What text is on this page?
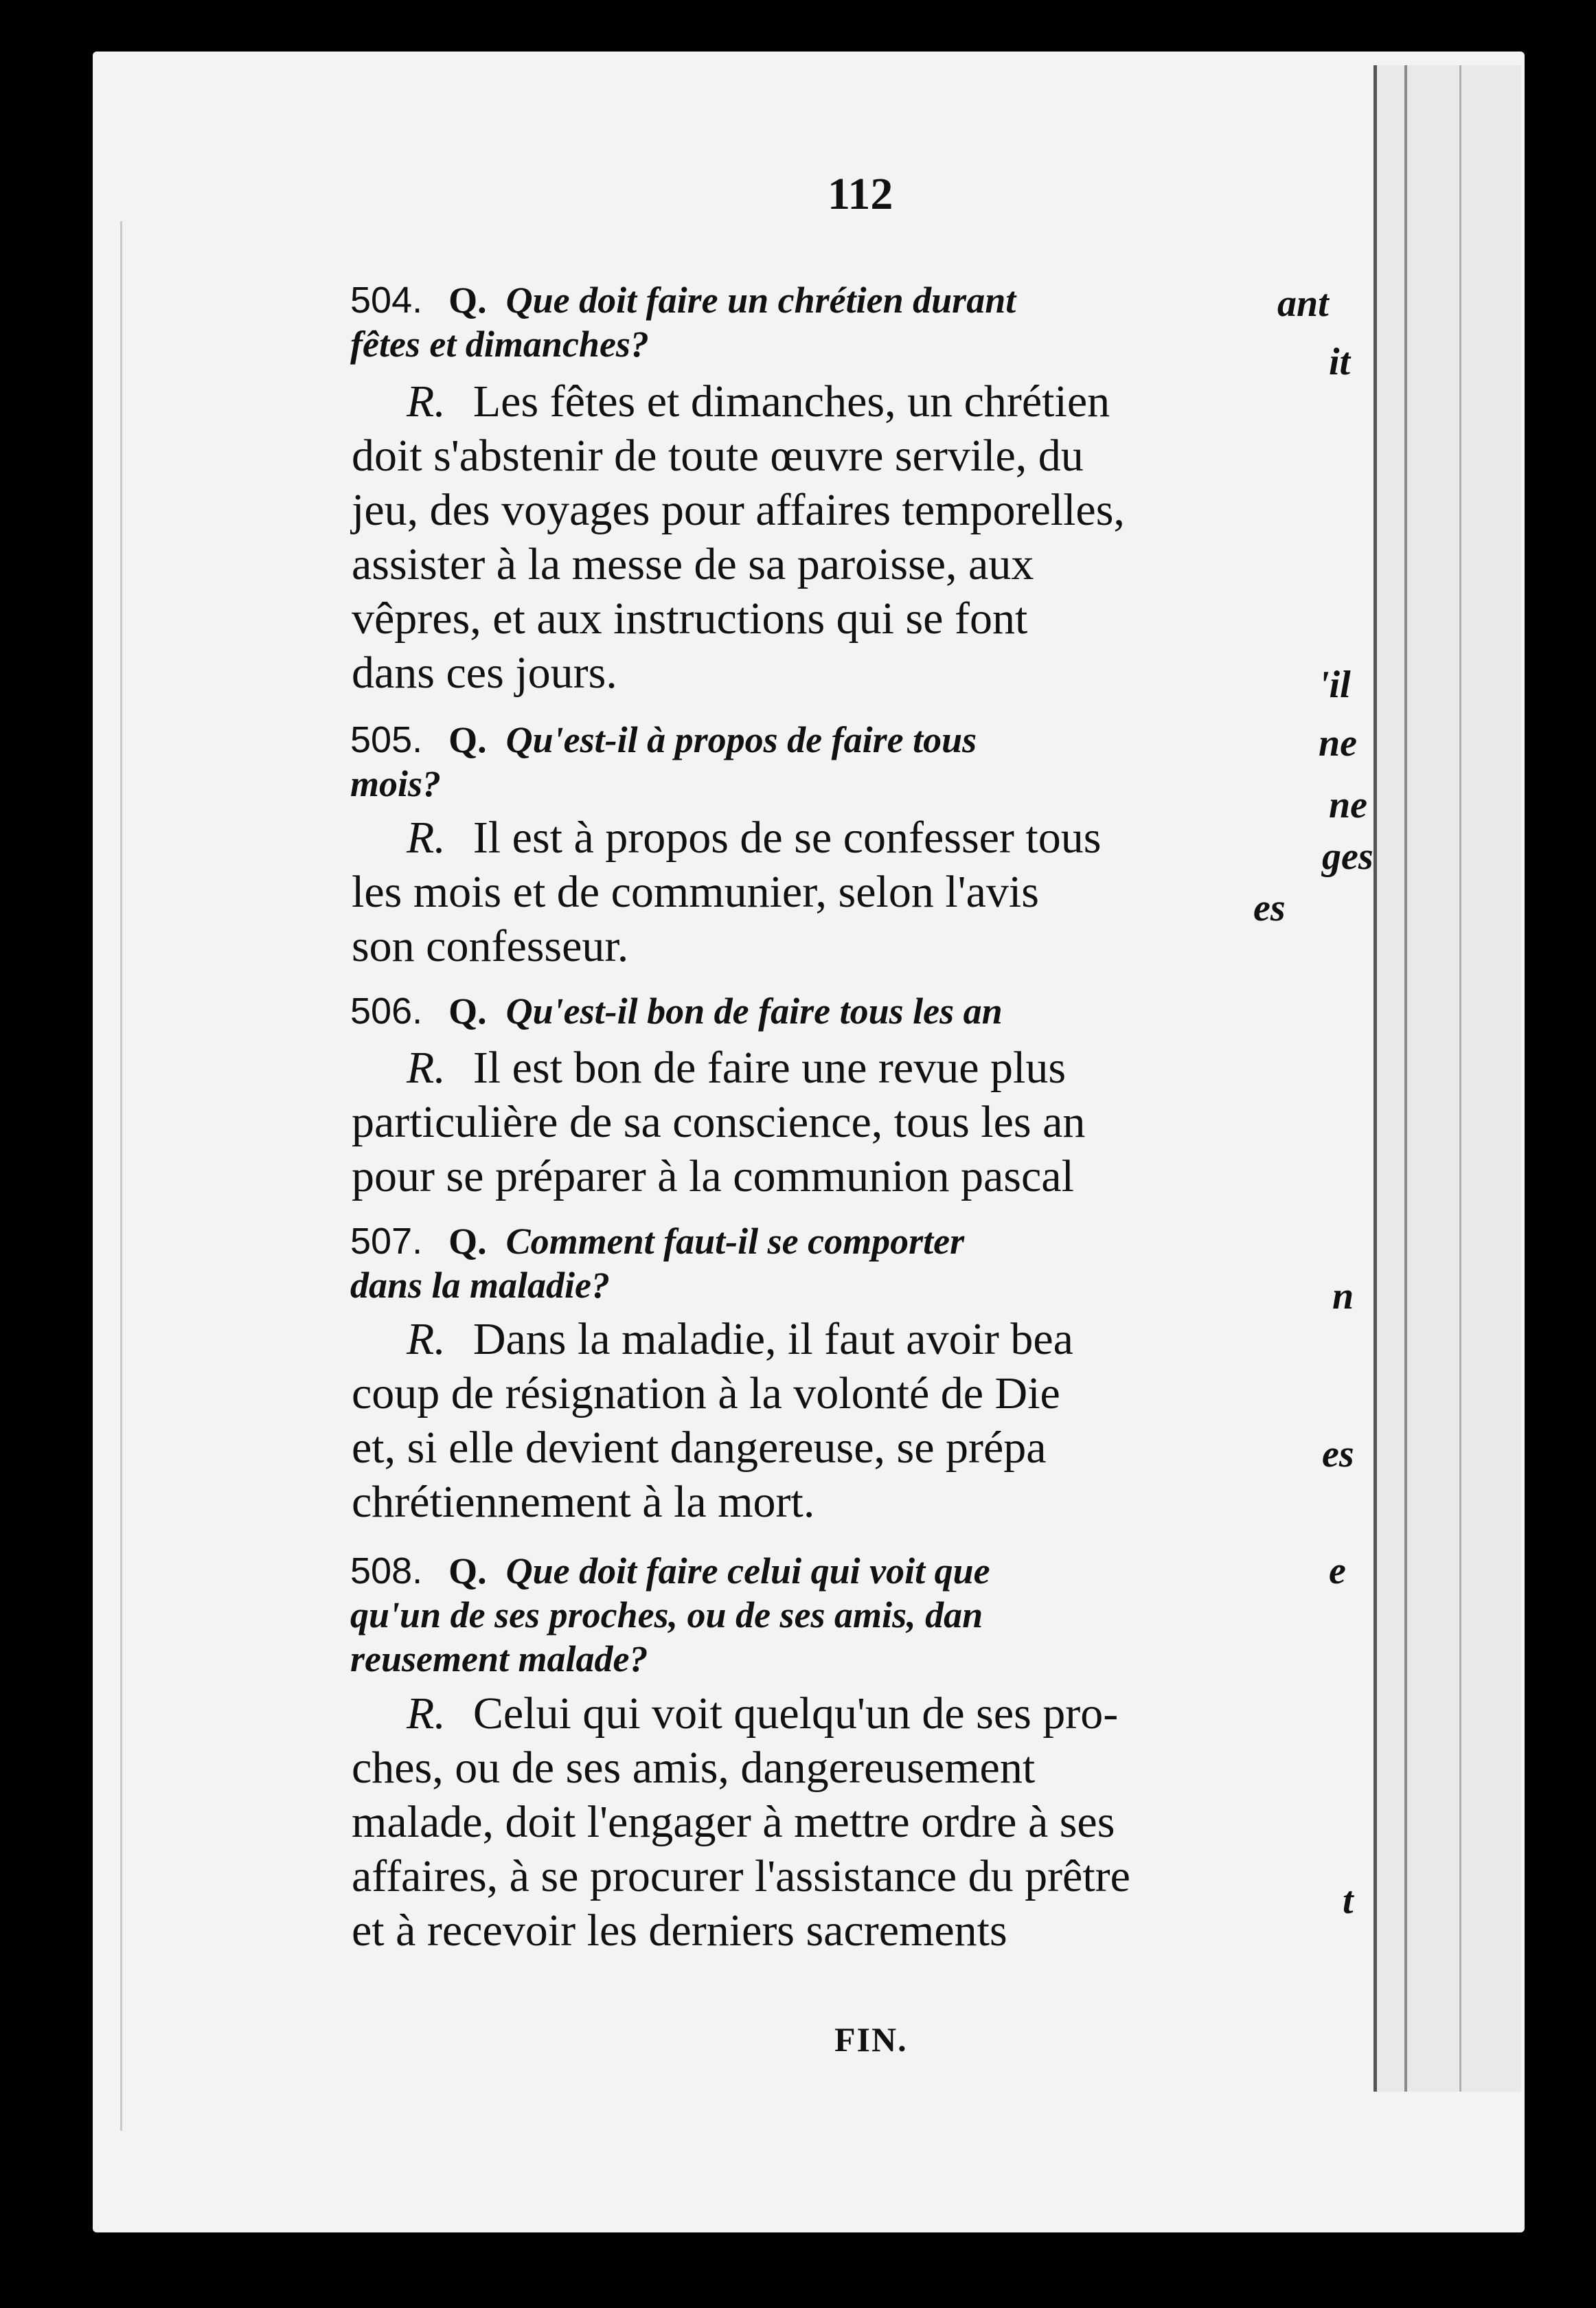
112
504. Q. Que doit faire un chrétien durant
fêtes et dimanches?
R. Les fêtes et dimanches, un chrétien
doit s'abstenir de toute œuvre servile, du
jeu, des voyages pour affaires temporelles,
assister à la messe de sa paroisse, aux
vêpres, et aux instructions qui se font
dans ces jours.
505. Q. Qu'est-il à propos de faire tous
mois?
R. Il est à propos de se confesser tous
les mois et de communier, selon l'avis
son confesseur.
506. Q. Qu'est-il bon de faire tous les an
R. Il est bon de faire une revue plus
particulière de sa conscience, tous les an
pour se préparer à la communion pascal
507. Q. Comment faut-il se comporter
dans la maladie?
R. Dans la maladie, il faut avoir bea
coup de résignation à la volonté de Die
et, si elle devient dangereuse, se prépa
chrétiennement à la mort.
508. Q. Que doit faire celui qui voit que
qu'un de ses proches, ou de ses amis, dan
reusement malade?
R. Celui qui voit quelqu'un de ses pro-
ches, ou de ses amis, dangereusement
malade, doit l'engager à mettre ordre à ses
affaires, à se procurer l'assistance du prêtre
et à recevoir les derniers sacrements
ant
it
'il
ne
ne
ges
es
n
es
e
t
FIN.
